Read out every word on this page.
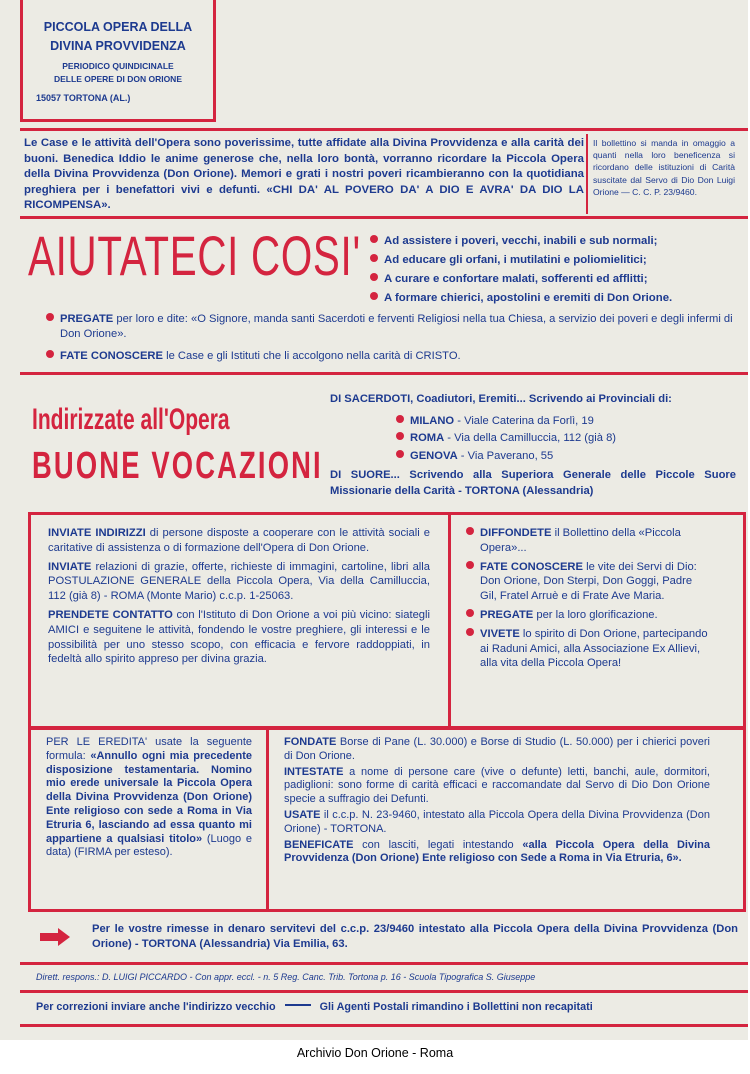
PICCOLA OPERA DELLA
DIVINA PROVVIDENZA
PERIODICO QUINDICINALE
DELLE OPERE DI DON ORIONE
15057 TORTONA (AL.)
Le Case e le attività dell'Opera sono poverissime, tutte affidate alla Divina Provvidenza e alla carità dei buoni. Benedica Iddio le anime generose che, nella loro bontà, vorranno ricordare la Piccola Opera della Divina Provvidenza (Don Orione). Memori e grati i nostri poveri ricambieranno con la quotidiana preghiera per i benefattori vivi e defunti. «CHI DA' AL POVERO DA' A DIO E AVRA' DA DIO LA RICOMPENSA».
Il bollettino si manda in omaggio a quanti nella loro beneficenza si ricordano delle istituzioni di Carità suscitate dal Servo di Dio Don Luigi Orione — C. C. P. 23/9460.
AIUTATECI COSI'	Ad assistere i poveri, vecchi, inabili e sub normali;
Ad educare gli orfani, i mutilatini e poliomielitici;
A curare e confortare malati, sofferenti ed afflitti;
A formare chierici, apostolini e eremiti di Don Orione.

PREGATE per loro e dite: «O Signore, manda santi Sacerdoti e ferventi Religiosi nella tua Chiesa, a servizio dei poveri e degli infermi di Don Orione».

FATE CONOSCERE le Case e gli Istituti che li accolgono nella carità di CRISTO.

Indirizzate all'Opera
BUONE VOCAZIONI
DI SACERDOTI, Coadiutori, Eremiti... Scrivendo ai Provinciali di:
MILANO - Viale Caterina da Forlì, 19
ROMA - Via della Camilluccia, 112 (già 8)
GENOVA - Via Paverano, 55
DI SUORE... Scrivendo alla Superiora Generale delle Piccole Suore Missionarie della Carità - TORTONA (Alessandria)

INVIATE INDIRIZZI di persone disposte a cooperare con le attività sociali e caritative di assistenza o di formazione dell'Opera di Don Orione.

INVIATE relazioni di grazie, offerte, richieste di immagini, cartoline, libri alla POSTULAZIONE GENERALE della Piccola Opera, Via della Camilluccia, 112 (già 8) - ROMA (Monte Mario) c.c.p. 1-25063.

PRENDETE CONTATTO con l'Istituto di Don Orione a voi più vicino: siategli AMICI e seguitene le attività, fondendo le vostre preghiere, gli interessi e le possibilità per uno stesso scopo, con efficacia e fervore raddoppiati, in fedeltà allo spirito appreso per divina grazia.

DIFFONDETE il Bollettino della «Piccola Opera»...

FATE CONOSCERE le vite dei Servi di Dio: Don Orione, Don Sterpi, Don Goggi, Padre Gil, Fratel Arruè e di Frate Ave Maria.

PREGATE per la loro glorificazione.

VIVETE lo spirito di Don Orione, partecipando ai Raduni Amici, alla Associazione Ex Allievi, alla vita della Piccola Opera!

PER LE EREDITA' usate la seguente formula: «Annullo ogni mia precedente disposizione testamentaria. Nomino mio erede universale la Piccola Opera della Divina Provvidenza (Don Orione) Ente religioso con sede a Roma in Via Etruria 6, lasciando ad essa quanto mi appartiene a qualsiasi titolo» (Luogo e data) (FIRMA per esteso).

FONDATE Borse di Pane (L. 30.000) e Borse di Studio (L. 50.000) per i chierici poveri di Don Orione.

INTESTATE a nome di persone care (vive o defunte) letti, banchi, aule, dormitori, padiglioni: sono forme di carità efficaci e raccomandate dal Servo di Dio Don Orione specie a suffragio dei Defunti.

USATE il c.c.p. N. 23-9460, intestato alla Piccola Opera della Divina Provvidenza (Don Orione) - TORTONA.

BENEFICATE con lasciti, legati intestando «alla Piccola Opera della Divina Provvidenza (Don Orione) Ente religioso con Sede a Roma in Via Etruria, 6».

Per le vostre rimesse in denaro servitevi del c.c.p. 23/9460 intestato alla Piccola Opera della Divina Provvidenza (Don Orione) - TORTONA (Alessandria) Via Emilia, 63.
Dirett. respons.: D. LUIGI PICCARDO - Con appr. eccl. - n. 5 Reg. Canc. Trib. Tortona p. 16 - Scuola Tipografica S. Giuseppe
Per correzioni inviare anche l'indirizzo vecchio	Gli Agenti Postali rimandino i Bollettini non recapitati
Archivio Don Orione - Roma
